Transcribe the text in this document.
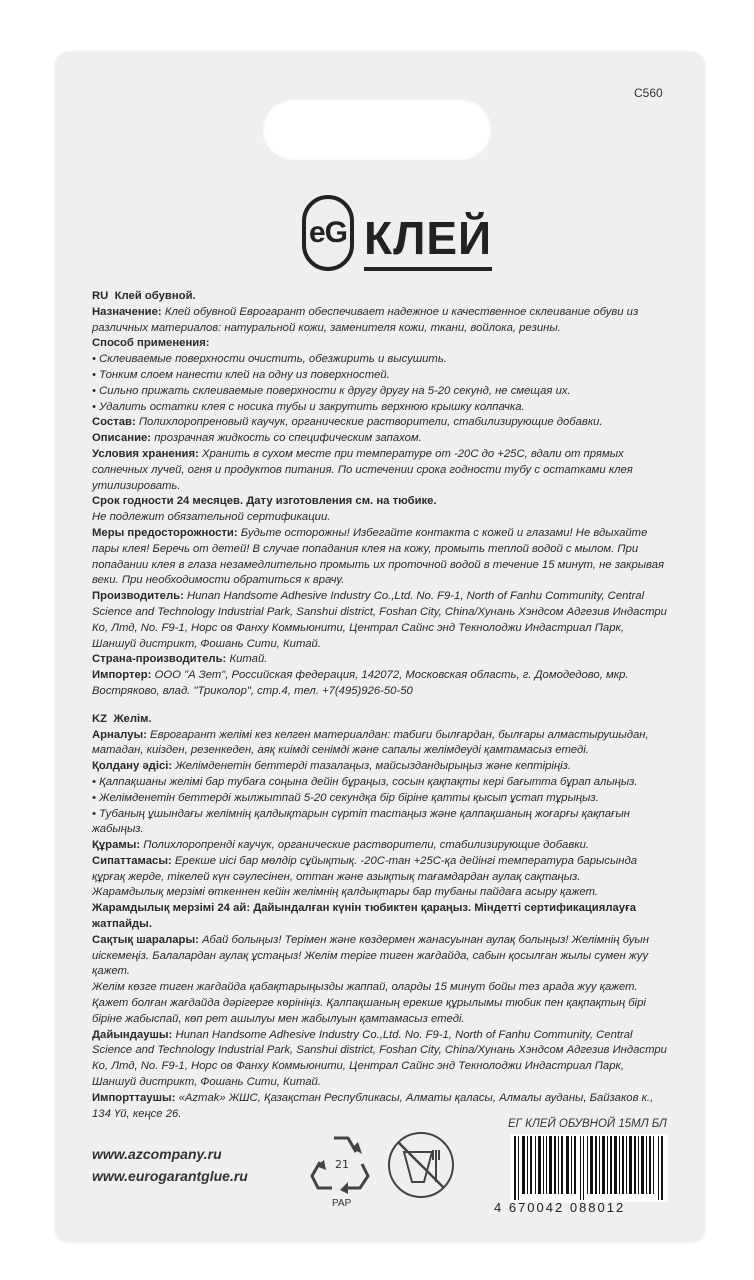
C560
eG КЛЕЙ

RU Клей обувной.

Назначение: Клей обувной Еврогарант обеспечивает надежное и качественное склеивание обуви из различных материалов: натуральной кожи, заменителя кожи, ткани, войлока, резины.

Способ применения:

• Склеиваемые поверхности очистить, обезжирить и высушить.

• Тонким слоем нанести клей на одну из поверхностей.

• Сильно прижать склеиваемые поверхности к другу другу на 5-20 секунд, не смещая их.

• Удалить остатки клея с носика тубы и закрутить верхнюю крышку колпачка.

Состав: Полихлоропреновый каучук, органические растворители, стабилизирующие добавки.

Описание: прозрачная жидкость со специфическим запахом.

Условия хранения: Хранить в сухом месте при температуре от -20С до +25С, вдали от прямых солнечных лучей, огня и продуктов питания. По истечении срока годности тубу с остатками клея утилизировать.

Срок годности 24 месяцев. Дату изготовления см. на тюбике.

Не подлежит обязательной сертификации.

Меры предосторожности: Будьте осторожны! Избегайте контакта с кожей и глазами! Не вдыхайте пары клея! Беречь от детей! В случае попадания клея на кожу, промыть теплой водой с мылом. При попадании клея в глаза незамедлительно промыть их проточной водой в течение 15 минут, не закрывая веки. При необходимости обратиться к врачу.

Производитель: Hunan Handsome Adhesive Industry Co.,Ltd. No. F9-1, North of Fanhu Community, Central Science and Technology Industrial Park, Sanshui district, Foshan City, China/Хунань Хэндсом Адгезив Индастри Ко, Лтд, No. F9-1, Норс ов Фанху Коммьюнити, Централ Сайнс энд Текнолоджи Индастриал Парк, Шаншуй дистрикт, Фошань Сити, Китай.

Страна-производитель: Китай.

Импортер: ООО "А Зет", Российская федерация, 142072, Московская область, г. Домодедово, мкр. Востряково, влад. "Триколор", стр.4, тел. +7(495)926-50-50

KZ Желім.

Арналуы: Еврогарант желімі кез келген материалдан: табиғи былғардан, былғары алмастырушыдан, матадан, киізден, резенкеден, аяқ киімді сенімді және сапалы желімдеуді қамтамасыз етеді.

Қолдану әдісі: Желімденетін беттерді тазалаңыз, майсыздандырыңыз және кептіріңіз.

• Қалпақшаны желімі бар тубаға соңына дейін бұраңыз, сосын қақпақты кері бағытта бұрап алыңыз.

• Желімденетін беттерді жылжытпай 5-20 секундқа бір біріне қатты қысып ұстап тұрыңыз.

• Тубаның ұшындағы желімнің қалдықтарын сүртіп тастаңыз және қалпақшаның жоғарғы қақпағын жабыңыз.

Құрамы: Полихлоропренді каучук, органические растворители, стабилизирующие добавки.

Сипаттамасы: Ерекше иісі бар мөлдір сұйықтық. -20С-тан +25С-қа дейінгі температура барысында құрғақ жерде, тікелей күн сәулесінен, оттан және азықтық тағамдардан аулақ сақтаңыз.

Жарамдылық мерзімі өткеннен кейін желімнің қалдықтары бар тубаны пайдаға асыру қажет.

Жарамдылық мерзімі 24 ай: Дайындалған күнін тюбиктен қараңыз. Міндетті сертификациялауға жатпайды.

Сақтық шаралары: Абай болыңыз! Терімен және көздермен жанасуынан аулақ болыңыз! Желімнің буын иіскемеңіз. Балалардан аулақ ұстаңыз! Желім теріге тиген жағдайда, сабын қосылған жылы сумен жуу қажет.

Желім көзге тиген жағдайда қабақтарыңызды жаппай, оларды 15 минут бойы тез арада жуу қажет. Қажет болған жағдайда дәрігерге көрініңіз. Қалпақшаның ерекше құрылымы тюбик пен қақпақтың бірі біріне жабыспай, көп рет ашылуы мен жабылуын қамтамасыз етеді.

Дайындаушы: Hunan Handsome Adhesive Industry Co.,Ltd. No. F9-1, North of Fanhu Community, Central Science and Technology Industrial Park, Sanshui district, Foshan City, China/Хунань Хэндсом Адгезив Индастри Ко, Лтд, No. F9-1, Норс ов Фанху Коммьюнити, Централ Сайнс энд Текнолоджи Индастриал Парк, Шаншуй дистрикт, Фошань Сити, Китай.

Импорттаушы: «Azmak» ЖШС, Қазақстан Республикасы, Алматы қаласы, Алмалы ауданы, Байзаков к., 134 Үй, кеңсе 26.

www.azcompany.ru
www.eurogarantglue.ru
21
PAP
ЕГ КЛЕЙ ОБУВНОЙ 15МЛ БЛ
4 670042 088012
